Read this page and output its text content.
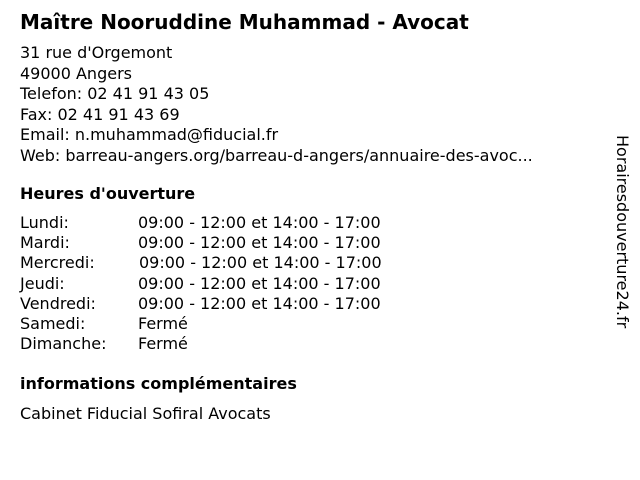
Maître Nooruddine Muhammad - Avocat
31 rue d'Orgemont
49000 Angers
Telefon: 02 41 91 43 05
Fax: 02 41 91 43 69
Email: n.muhammad@fiducial.fr
Web: barreau-angers.org/barreau-d-angers/annuaire-des-avoc...
Heures d'ouverture
Lundi:	09:00 - 12:00 et 14:00 - 17:00
Mardi:	09:00 - 12:00 et 14:00 - 17:00
Mercredi:	09:00 - 12:00 et 14:00 - 17:00
Jeudi:	09:00 - 12:00 et 14:00 - 17:00
Vendredi:	09:00 - 12:00 et 14:00 - 17:00
Samedi:	Fermé
Dimanche: Fermé
informations complémentaires
Cabinet Fiducial Sofiral Avocats
Horairesdouverture24.fr
